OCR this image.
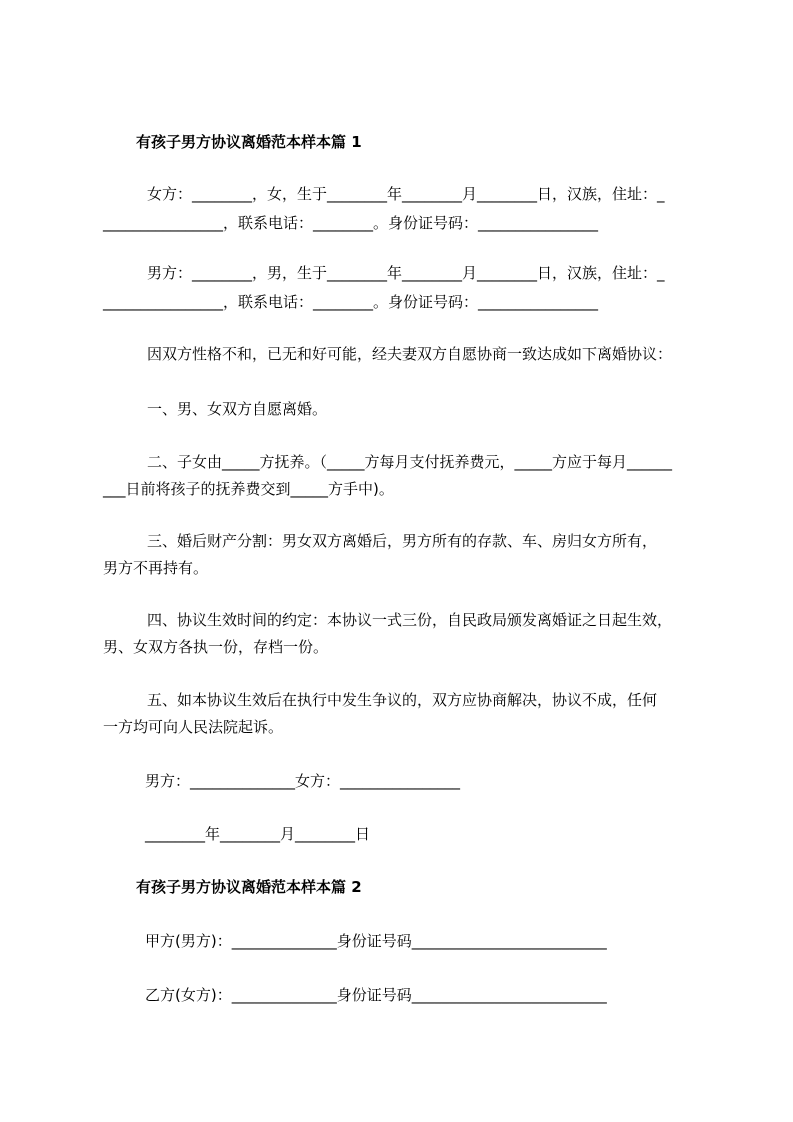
有孩子男方协议离婚范本样本篇 1
女方：________，女，生于________年________月________日，汉族，住址：_
________________，联系电话：________。身份证号码：________________
男方：________，男，生于________年________月________日，汉族，住址：_
________________，联系电话：________。身份证号码：________________
因双方性格不和，已无和好可能，经夫妻双方自愿协商一致达成如下离婚协议：
一、男、女双方自愿离婚。
二、子女由_____方抚养。（_____方每月支付抚养费元，_____方应于每月______
___日前将孩子的抚养费交到_____方手中)。
三、婚后财产分割：男女双方离婚后，男方所有的存款、车、房归女方所有，
男方不再持有。
四、协议生效时间的约定：本协议一式三份，自民政局颁发离婚证之日起生效，
男、女双方各执一份，存档一份。
五、如本协议生效后在执行中发生争议的，双方应协商解决，协议不成，任何
一方均可向人民法院起诉。
男方：______________女方：________________
________年________月________日
有孩子男方协议离婚范本样本篇 2
甲方(男方)：______________身份证号码__________________________
乙方(女方)：______________身份证号码__________________________
